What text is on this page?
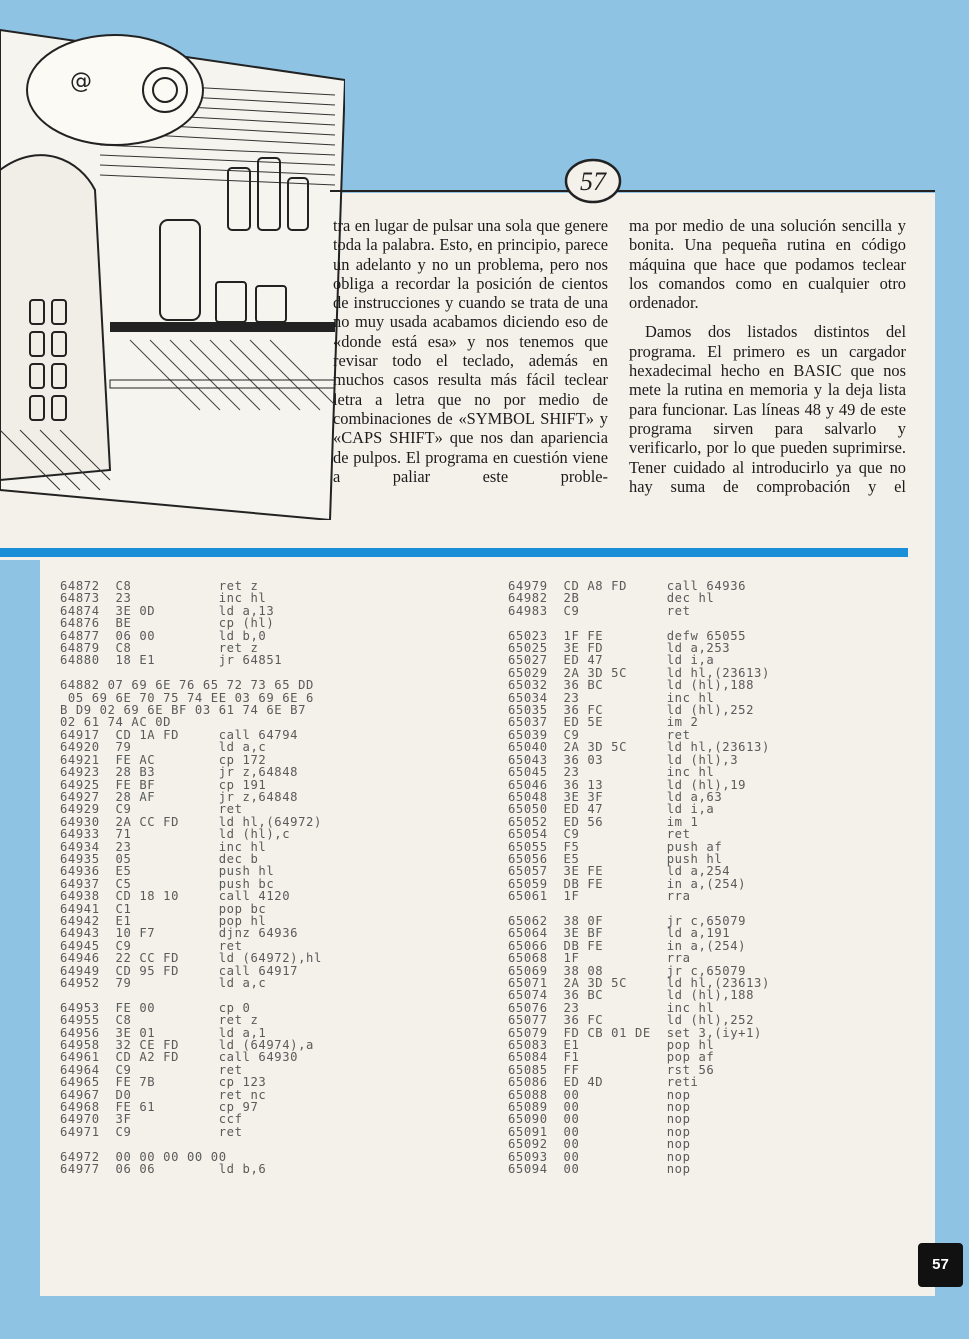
@
57

tra en lugar de pulsar una sola que genere toda la palabra. Esto, en principio, parece un adelanto y no un problema, pero nos obliga a recordar la posición de cientos de instrucciones y cuando se trata de una no muy usada acabamos diciendo eso de «donde está esa» y nos tenemos que revisar todo el teclado, además en muchos casos resulta más fácil teclear letra a letra que no por medio de combinaciones de «SYMBOL SHIFT» y «CAPS SHIFT» que nos dan apariencia de pulpos. El programa en cuestión viene a paliar este proble-

ma por medio de una solución sencilla y bonita. Una pequeña rutina en código máquina que hace que podamos teclear los comandos como en cualquier otro ordenador.

Damos dos listados distintos del programa. El primero es un cargador hexadecimal hecho en BASIC que nos mete la rutina en memoria y la deja lista para funcionar. Las líneas 48 y 49 de este programa sirven para salvarlo y verificarlo, por lo que pueden suprimirse. Tener cuidado al introducirlo ya que no hay suma de comprobación y el

64872  C8           ret z
64873  23           inc hl
64874  3E 0D        ld a,13
64876  BE           cp (hl)
64877  06 00        ld b,0
64879  C8           ret z
64880  18 E1        jr 64851

64882 07 69 6E 76 65 72 73 65 DD
05 69 6E 70 75 74 EE 03 69 6E 6
B D9 02 69 6E BF 03 61 74 6E B7
02 61 74 AC 0D
64917  CD 1A FD     call 64794
64920  79           ld a,c
64921  FE AC        cp 172
64923  28 B3        jr z,64848
64925  FE BF        cp 191
64927  28 AF        jr z,64848
64929  C9           ret
64930  2A CC FD     ld hl,(64972)
64933  71           ld (hl),c
64934  23           inc hl
64935  05           dec b
64936  E5           push hl
64937  C5           push bc
64938  CD 18 10     call 4120
64941  C1           pop bc
64942  E1           pop hl
64943  10 F7        djnz 64936
64945  C9           ret
64946  22 CC FD     ld (64972),hl
64949  CD 95 FD     call 64917
64952  79           ld a,c

64953  FE 00        cp 0
64955  C8           ret z
64956  3E 01        ld a,1
64958  32 CE FD     ld (64974),a
64961  CD A2 FD     call 64930
64964  C9           ret
64965  FE 7B        cp 123
64967  D0           ret nc
64968  FE 61        cp 97
64970  3F           ccf
64971  C9           ret

64972  00 00 00 00 00
64977  06 06        ld b,6
64979  CD A8 FD     call 64936
64982  2B           dec hl
64983  C9           ret

65023  1F FE        defw 65055
65025  3E FD        ld a,253
65027  ED 47        ld i,a
65029  2A 3D 5C     ld hl,(23613)
65032  36 BC        ld (hl),188
65034  23           inc hl
65035  36 FC        ld (hl),252
65037  ED 5E        im 2
65039  C9           ret
65040  2A 3D 5C     ld hl,(23613)
65043  36 03        ld (hl),3
65045  23           inc hl
65046  36 13        ld (hl),19
65048  3E 3F        ld a,63
65050  ED 47        ld i,a
65052  ED 56        im 1
65054  C9           ret
65055  F5           push af
65056  E5           push hl
65057  3E FE        ld a,254
65059  DB FE        in a,(254)
65061  1F           rra

65062  38 0F        jr c,65079
65064  3E BF        ld a,191
65066  DB FE        in a,(254)
65068  1F           rra
65069  38 08        jr c,65079
65071  2A 3D 5C     ld hl,(23613)
65074  36 BC        ld (hl),188
65076  23           inc hl
65077  36 FC        ld (hl),252
65079  FD CB 01 DE  set 3,(iy+1)
65083  E1           pop hl
65084  F1           pop af
65085  FF           rst 56
65086  ED 4D        reti
65088  00           nop
65089  00           nop
65090  00           nop
65091  00           nop
65092  00           nop
65093  00           nop
65094  00           nop
57
